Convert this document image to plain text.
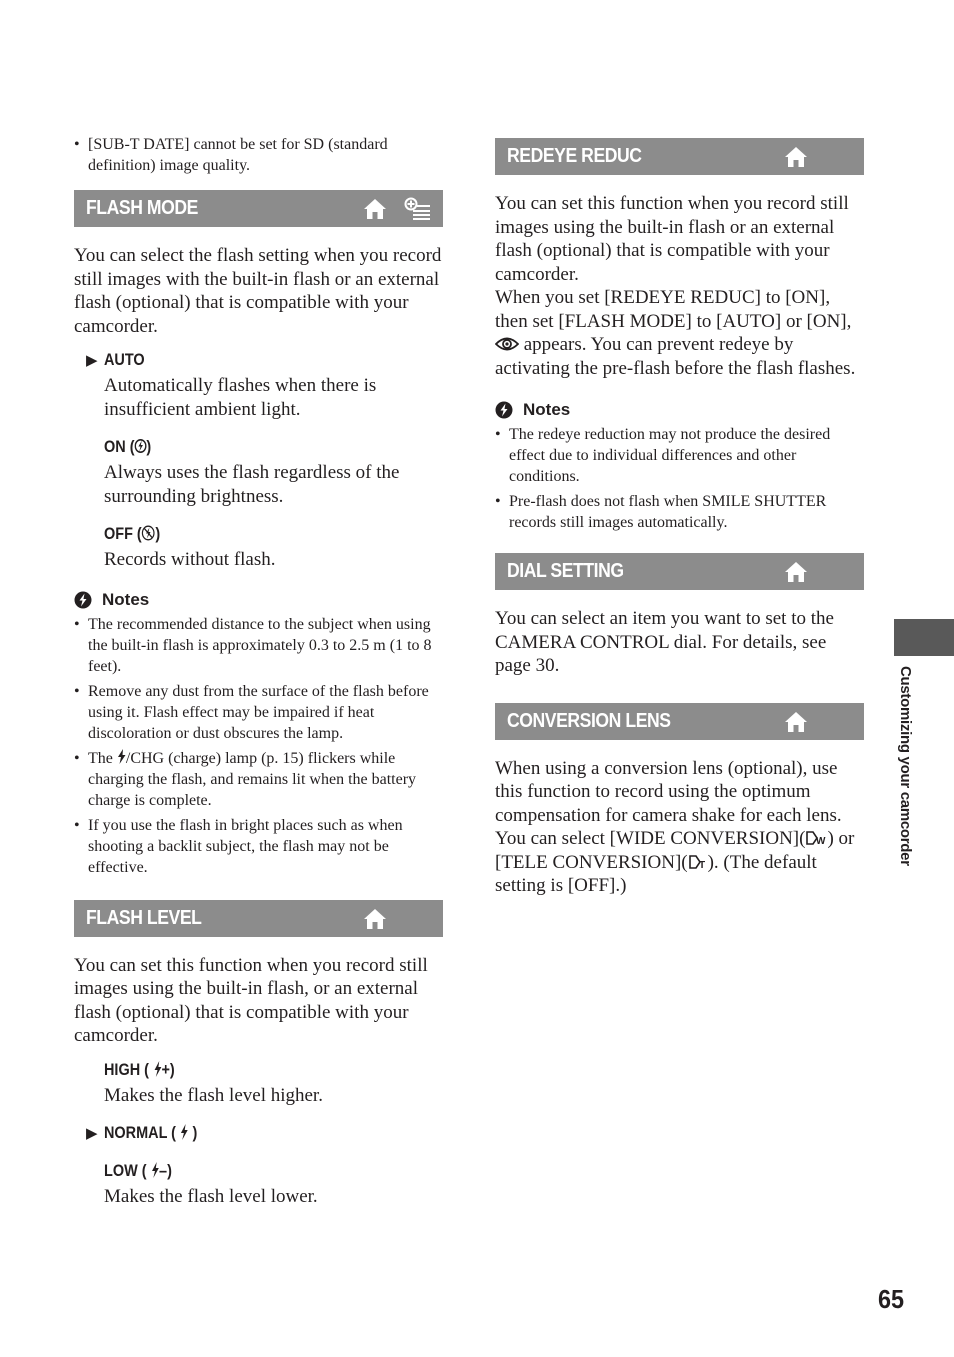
• [SUB-T DATE] cannot be set for SD (standard definition) image quality.
FLASH MODE
You can select the flash setting when you record still images with the built-in flash or an external flash (optional) that is compatible with your camcorder.
▶ AUTO
Automatically flashes when there is insufficient ambient light.
ON ( )
Always uses the flash regardless of the surrounding brightness.
OFF ( )
Records without flash.
Notes
• The recommended distance to the subject when using the built-in flash is approximately 0.3 to 2.5 m (1 to 8 feet).
• Remove any dust from the surface of the flash before using it. Flash effect may be impaired if heat discoloration or dust obscures the lamp.
• The /CHG (charge) lamp (p. 15) flickers while charging the flash, and remains lit when the battery charge is complete.
• If you use the flash in bright places such as when shooting a backlit subject, the flash may not be effective.
FLASH LEVEL
You can set this function when you record still images using the built-in flash, or an external flash (optional) that is compatible with your camcorder.
HIGH ( +)
Makes the flash level higher.
▶ NORMAL (  )
LOW ( –)
Makes the flash level lower.
REDEYE REDUC
You can set this function when you record still images using the built-in flash or an external flash (optional) that is compatible with your camcorder.
When you set [REDEYE REDUC] to [ON], then set [FLASH MODE] to [AUTO] or [ON],  appears. You can prevent redeye by activating the pre-flash before the flash flashes.
Notes
• The redeye reduction may not produce the desired effect due to individual differences and other conditions.
• Pre-flash does not flash when SMILE SHUTTER records still images automatically.
DIAL SETTING
You can select an item you want to set to the CAMERA CONTROL dial. For details, see page 30.
CONVERSION LENS
When using a conversion lens (optional), use this function to record using the optimum compensation for camera shake for each lens.
You can select [WIDE CONVERSION]( W ) or [TELE CONVERSION]( T ). (The default setting is [OFF].)
Customizing your camcorder
65
